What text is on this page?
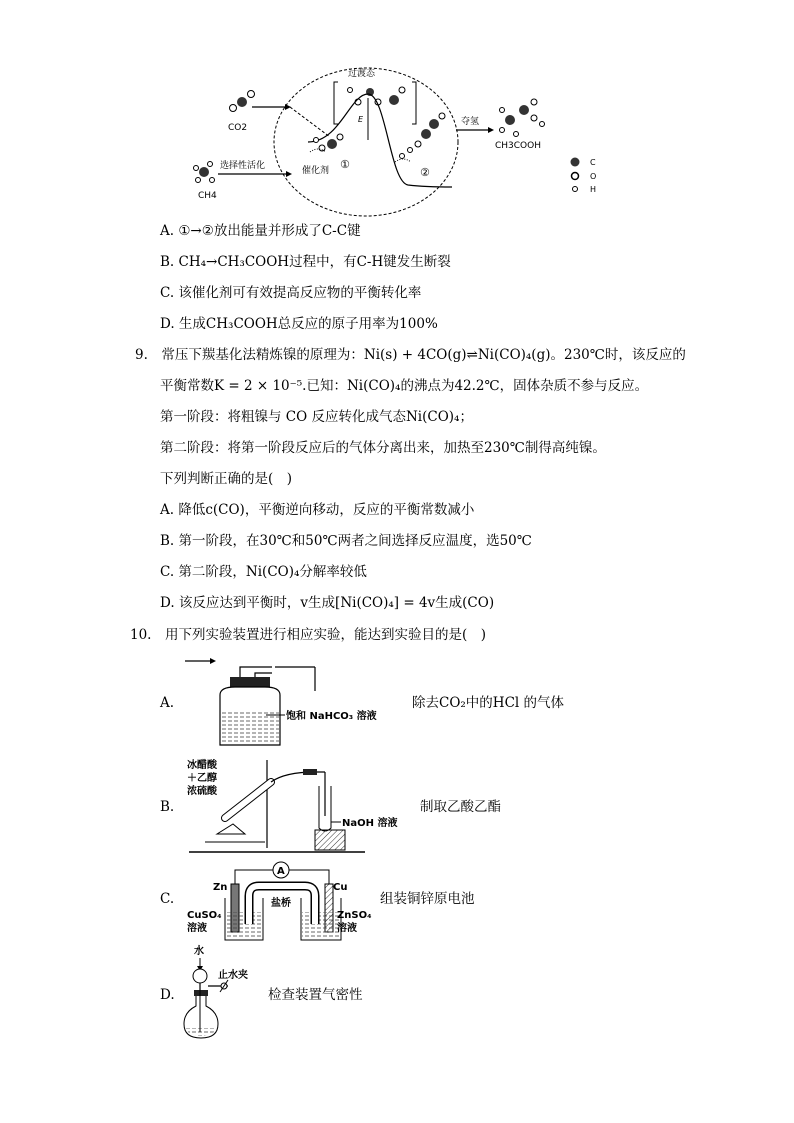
CO2
过渡态
E
①
催化剂	②
CH4
选择性活化
夺氢
CH3COOH
C
O
H
A. ①→②放出能量并形成了C-C键
B. CH₄→CH₃COOH过程中，有C-H键发生断裂
C. 该催化剂可有效提高反应物的平衡转化率
D. 生成CH₃COOH总反应的原子用率为100%
9.　常压下羰基化法精炼镍的原理为：Ni(s) + 4CO(g)⇌Ni(CO)₄(g)。230℃时，该反应的
平衡常数K = 2 × 10⁻⁵.已知：Ni(CO)₄的沸点为42.2℃，固体杂质不参与反应。
第一阶段：将粗镍与 CO 反应转化成气态Ni(CO)₄；
第二阶段：将第一阶段反应后的气体分离出来，加热至230℃制得高纯镍。
下列判断正确的是(　)
A. 降低c(CO)，平衡逆向移动，反应的平衡常数减小
B. 第一阶段，在30℃和50℃两者之间选择反应温度，选50℃
C. 第二阶段，Ni(CO)₄分解率较低
D. 该反应达到平衡时，v生成[Ni(CO)₄] = 4v生成(CO)
10.　用下列实验装置进行相应实验，能达到实验目的是(　)
A.
饱和 NaHCO₃ 溶液
除去CO₂中的HCl 的气体
B.
冰醋酸
＋乙醇
浓硫酸
NaOH 溶液
制取乙酸乙酯
C.
A
Zn	Cu
盐桥
CuSO₄
溶液
ZnSO₄
溶液
组装铜锌原电池
D.
水
止水夹
检查装置气密性
